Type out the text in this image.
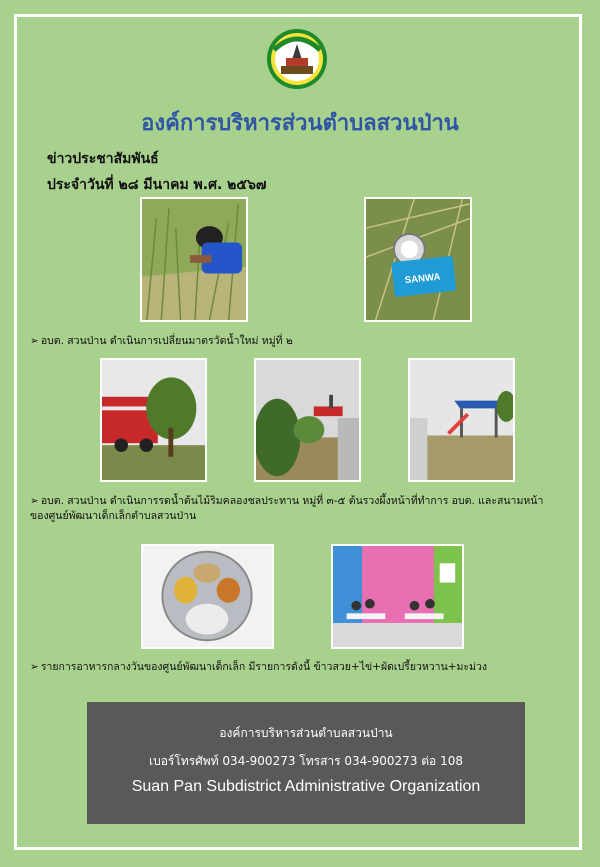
องค์การบริหารส่วนตำบลสวนป่าน
ข่าวประชาสัมพันธ์
ประจำวันที่ ๒๘ มีนาคม พ.ศ. ๒๕๖๗
SANWA
➢ อบต. สวนป่าน ดำเนินการเปลี่ยนมาตรวัดน้ำใหม่ หมู่ที่ ๒
➢ อบต. สวนป่าน ดำเนินการรดน้ำต้นไม้ริมคลองชลประทาน หมู่ที่ ๓-๕ ต้นรวงผึ้งหน้าที่ทำการ อบต. และสนามหน้าของศูนย์พัฒนาเด็กเล็กตำบลสวนป่าน
➢ รายการอาหารกลางวันของศูนย์พัฒนาเด็กเล็ก มีรายการดังนี้ ข้าวสวย+ไข่+ผัดเปรี้ยวหวาน+มะม่วง
องค์การบริหารส่วนตำบลสวนป่าน
เบอร์โทรศัพท์ 034-900273 โทรสาร 034-900273 ต่อ 108
Suan Pan Subdistrict Administrative Organization
